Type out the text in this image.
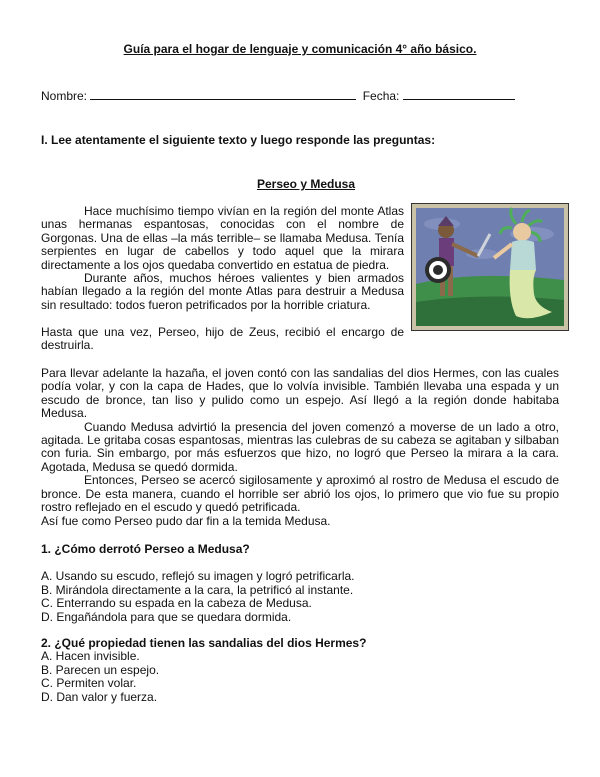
Guía para el hogar de lenguaje y comunicación 4° año básico.
Nombre:	Fecha:
I. Lee atentamente el siguiente texto y luego responde las preguntas:
Perseo y Medusa

Hace muchísimo tiempo vivían en la región del monte Atlas unas hermanas espantosas, conocidas con el nombre de Gorgonas. Una de ellas –la más terrible– se llamaba Medusa. Tenía serpientes en lugar de cabellos y todo aquel que la mirara directamente a los ojos quedaba convertido en estatua de piedra.

Durante años, muchos héroes valientes y bien armados habían llegado a la región del monte Atlas para destruir a Medusa sin resultado: todos fueron petrificados por la horrible criatura.

Hasta que una vez, Perseo, hijo de Zeus, recibió el encargo de destruirla.

Para llevar adelante la hazaña, el joven contó con las sandalias del dios Hermes, con las cuales podía volar, y con la capa de Hades, que lo volvía invisible. También llevaba una espada y un escudo de bronce, tan liso y pulido como un espejo. Así llegó a la región donde habitaba Medusa.

Cuando Medusa advirtió la presencia del joven comenzó a moverse de un lado a otro, agitada. Le gritaba cosas espantosas, mientras las culebras de su cabeza se agitaban y silbaban con furia. Sin embargo, por más esfuerzos que hizo, no logró que Perseo la mirara a la cara. Agotada, Medusa se quedó dormida.

Entonces, Perseo se acercó sigilosamente y aproximó al rostro de Medusa el escudo de bronce. De esta manera, cuando el horrible ser abrió los ojos, lo primero que vio fue su propio rostro reflejado en el escudo y quedó petrificada.

Así fue como Perseo pudo dar fin a la temida Medusa.
1. ¿Cómo derrotó Perseo a Medusa?
A. Usando su escudo, reflejó su imagen y logró petrificarla.
B. Mirándola directamente a la cara, la petrificó al instante.
C. Enterrando su espada en la cabeza de Medusa.
D. Engañándola para que se quedara dormida.
2. ¿Qué propiedad tienen las sandalias del dios Hermes?
A. Hacen invisible.
B. Parecen un espejo.
C. Permiten volar.
D. Dan valor y fuerza.
